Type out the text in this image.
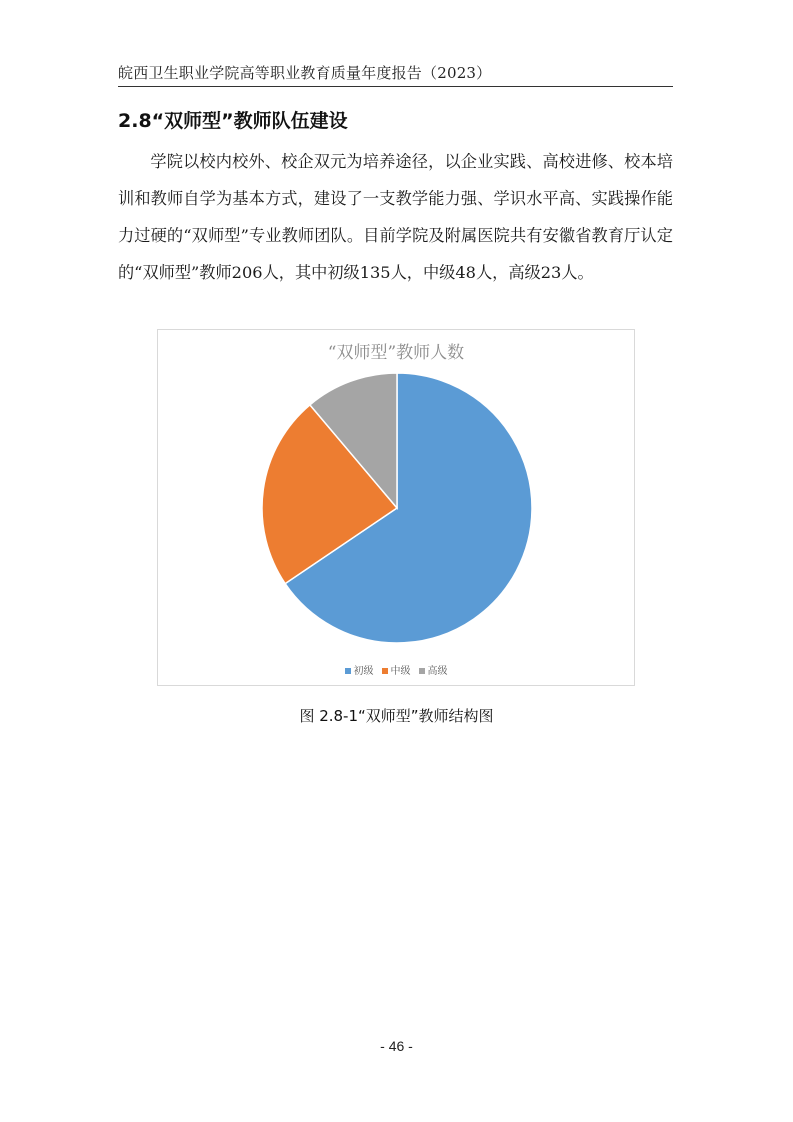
皖西卫生职业学院高等职业教育质量年度报告（2023）
2.8“双师型”教师队伍建设
学院以校内校外、校企双元为培养途径，以企业实践、高校进修、校本培训和教师自学为基本方式，建设了一支教学能力强、学识水平高、实践操作能力过硬的“双师型”专业教师团队。目前学院及附属医院共有安徽省教育厅认定的“双师型”教师206人，其中初级135人，中级48人，高级23人。
“双师型”教师人数
初级 中级 高级
图 2.8-1“双师型”教师结构图
- 46 -
